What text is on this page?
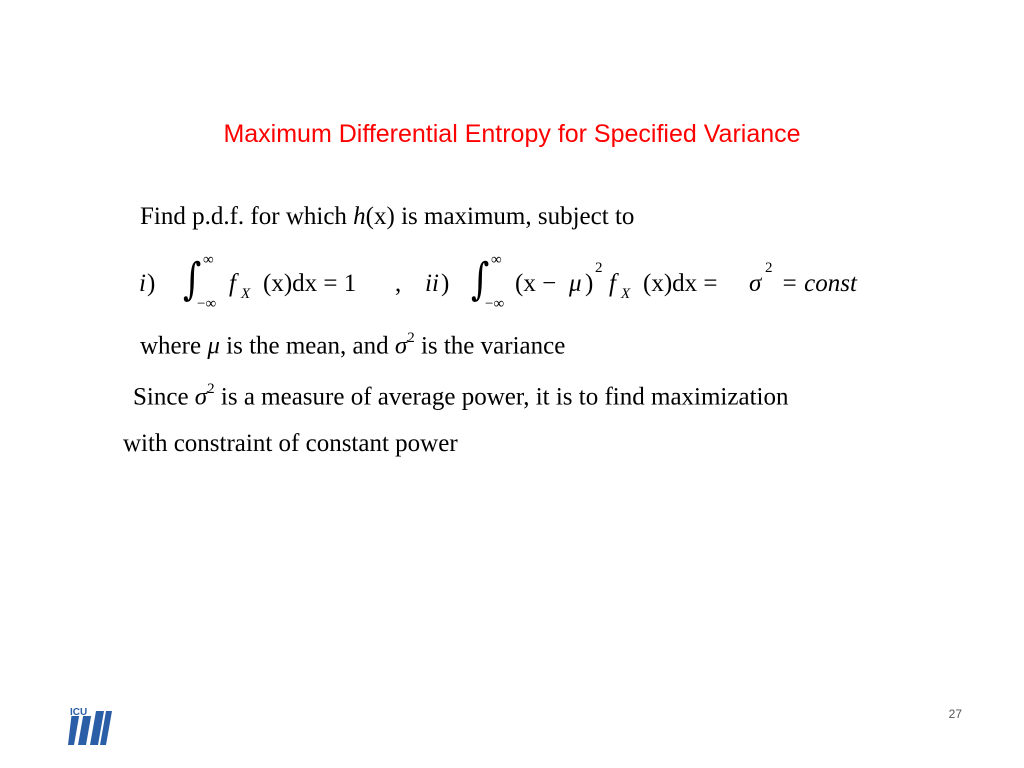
Maximum Differential Entropy for Specified Variance
Find p.d.f. for which h(x) is maximum, subject to
i ) ∫ ∞
−∞
f X (x)dx = 1 , ii ) ∫ ∞
−∞
(x − μ )
2
f X (x)dx = σ
2
= const
where μ is the mean, and $\sigma^2$ is the variance
Since $\sigma^2$ is a measure of average power, it is to find maximization
with constraint of constant power
ICU	27
